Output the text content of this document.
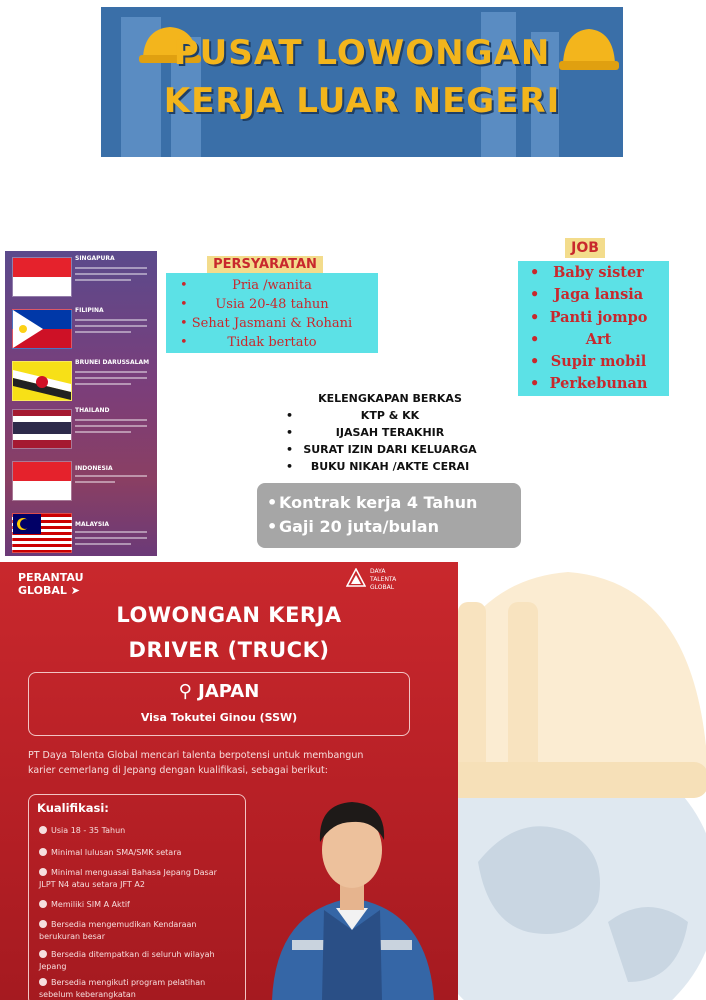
PUSAT LOWONGAN
KERJA LUAR NEGERI
SINGAPURA
FILIPINA
BRUNEI DARUSSALAM
THAILAND
INDONESIA
MALAYSIA
PERSYARATAN
• Pria /wanita
• Usia 20-48 tahun
• Sehat Jasmani & Rohani
• Tidak bertato
JOB
• Baby sister
• Jaga lansia
• Panti jompo
• Art
• Supir mobil
• Perkebunan
KELENGKAPAN BERKAS
• KTP & KK
• IJASAH TERAKHIR
• SURAT IZIN DARI KELUARGA
• BUKU NIKAH /AKTE CERAI
• Kontrak kerja 4 Tahun
• Gaji 20 juta/bulan
PERANTAU
GLOBAL ➤
DAYA
TALENTA
GLOBAL
LOWONGAN KERJA
DRIVER (TRUCK)
⚲ JAPAN
Visa Tokutei Ginou (SSW)
PT Daya Talenta Global mencari talenta berpotensi untuk membangun
karier cemerlang di Jepang dengan kualifikasi, sebagai berikut:
Kualifikasi:
Usia 18 - 35 Tahun
Minimal lulusan SMA/SMK setara
Minimal menguasai Bahasa Jepang Dasar JLPT N4 atau setara JFT A2
Memiliki SIM A Aktif
Bersedia mengemudikan Kendaraan berukuran besar
Bersedia ditempatkan di seluruh wilayah Jepang
Bersedia mengikuti program pelatihan sebelum keberangkatan
